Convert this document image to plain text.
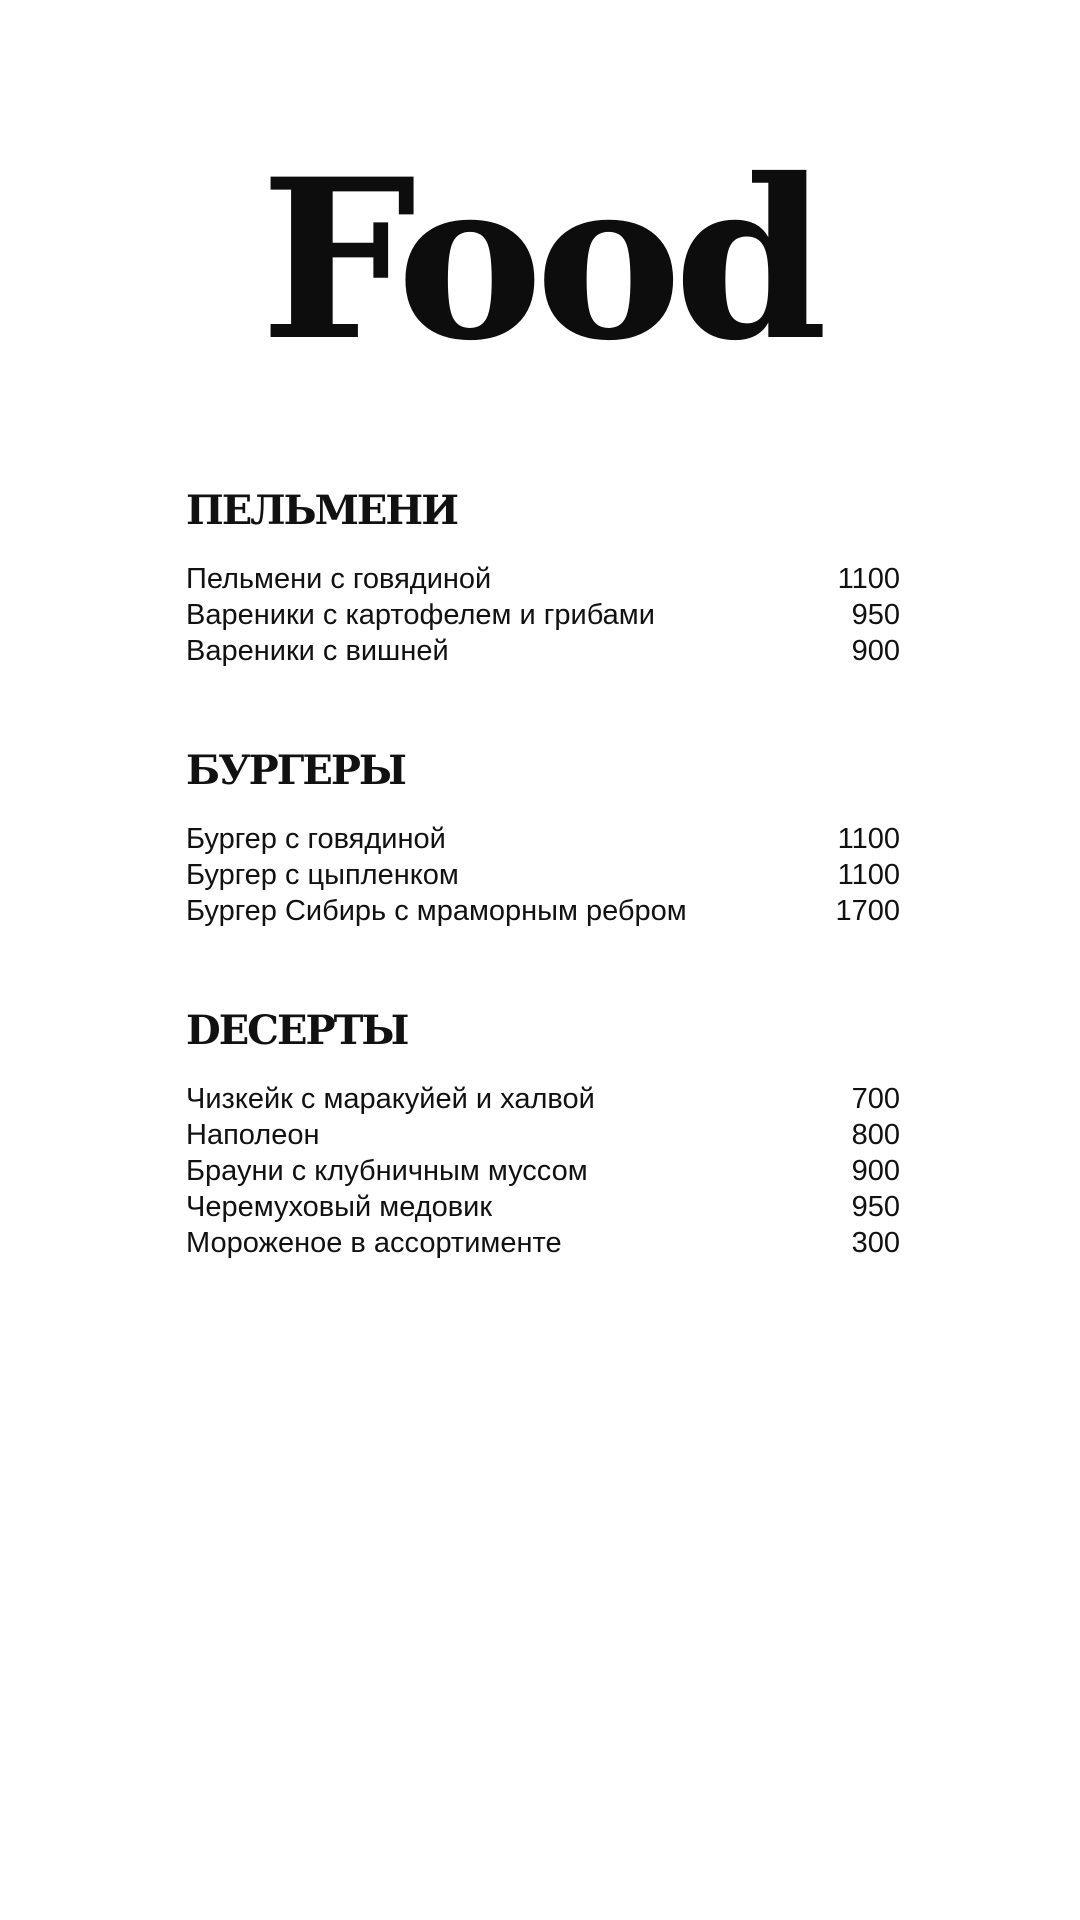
Food
ПЕЛЬМЕНИ
Пельмени с говядиной	1100
Вареники с картофелем и грибами	950
Вареники с вишней	900
БУРГЕРЫ
Бургер с говядиной	1100
Бургер с цыпленком	1100
Бургер Сибирь с мраморным ребром	1700
DЕСЕРТЫ
Чизкейк с маракуйей и халвой	700
Наполеон	800
Брауни с клубничным муссом	900
Черемуховый медовик	950
Мороженое в ассортименте	300
